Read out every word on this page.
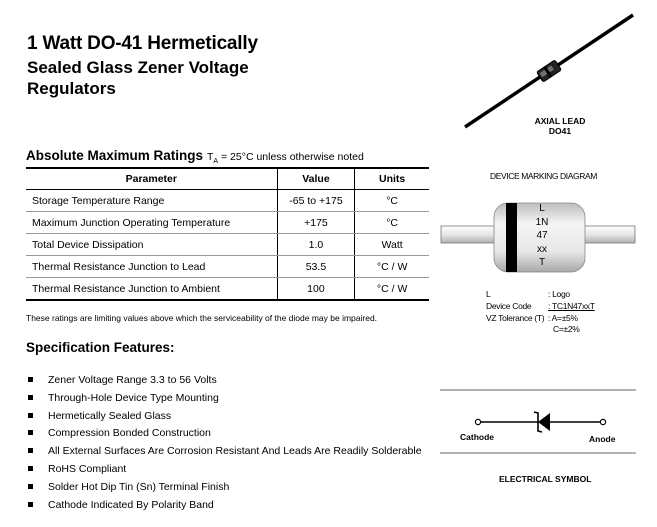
1 Watt DO-41 Hermetically
Sealed Glass Zener Voltage
Regulators
AXIAL LEAD
DO41
Absolute Maximum Ratings $T_A = 25^\circ C$ unless otherwise noted
Parameter	Value	Units
Storage Temperature Range	-65 to +175	°C
Maximum Junction Operating Temperature	+175	°C
Total Device Dissipation	1.0	Watt
Thermal Resistance Junction to Lead	53.5	°C / W
Thermal Resistance Junction to Ambient	100	°C / W
These ratings are limiting values above which the serviceability of the diode may be impaired.
Specification Features:
Zener Voltage Range 3.3 to 56 Volts
Through-Hole Device Type Mounting
Hermetically Sealed Glass
Compression Bonded Construction
All External Surfaces Are Corrosion Resistant And Leads Are Readily Solderable
RoHS Compliant
Solder Hot Dip Tin (Sn) Terminal Finish
Cathode Indicated By Polarity Band
DEVICE MARKING DIAGRAM
L
1N
47
xx
T
L	: Logo
Device Code : TC1N47xxT
VZ Tolerance (T) : A=±5%
C=±2%
Cathode	Anode
ELECTRICAL SYMBOL
